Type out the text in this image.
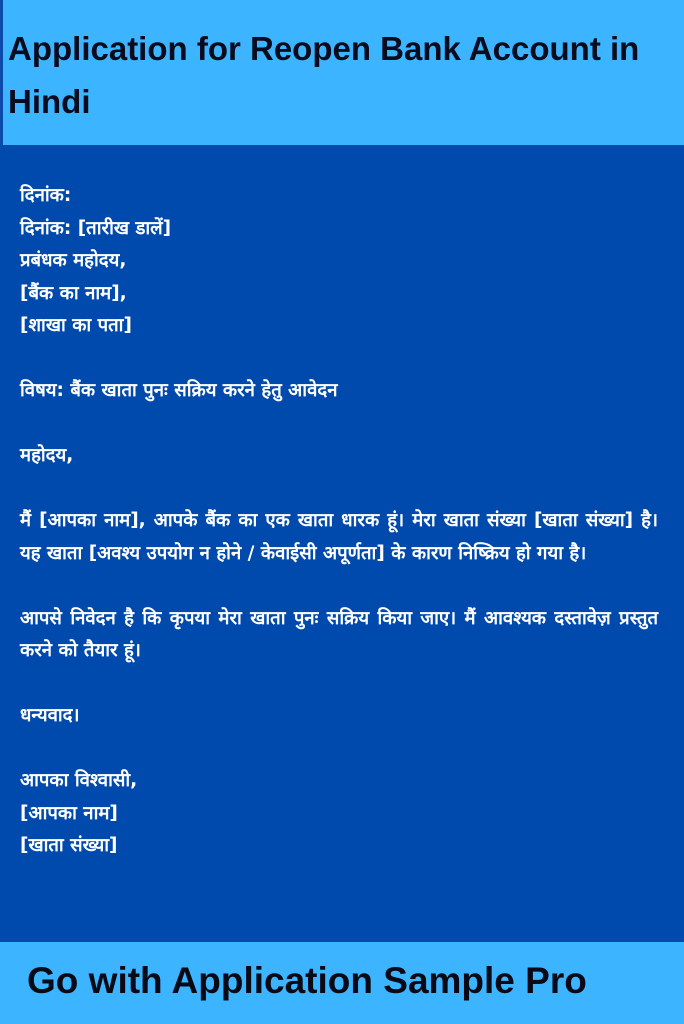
Application for Reopen Bank Account in Hindi
दिनांक:
दिनांक: [तारीख डालें]
प्रबंधक महोदय,
[बैंक का नाम],
[शाखा का पता]
विषय: बैंक खाता पुनः सक्रिय करने हेतु आवेदन
महोदय,
मैं [आपका नाम], आपके बैंक का एक खाता धारक हूं। मेरा खाता संख्या [खाता संख्या] है। यह खाता [अवश्य उपयोग न होने / केवाईसी अपूर्णता] के कारण निष्क्रिय हो गया है।
आपसे निवेदन है कि कृपया मेरा खाता पुनः सक्रिय किया जाए। मैं आवश्यक दस्तावेज़ प्रस्तुत करने को तैयार हूं।
धन्यवाद।
आपका विश्वासी,
[आपका नाम]
[खाता संख्या]

Go with Application Sample Pro
